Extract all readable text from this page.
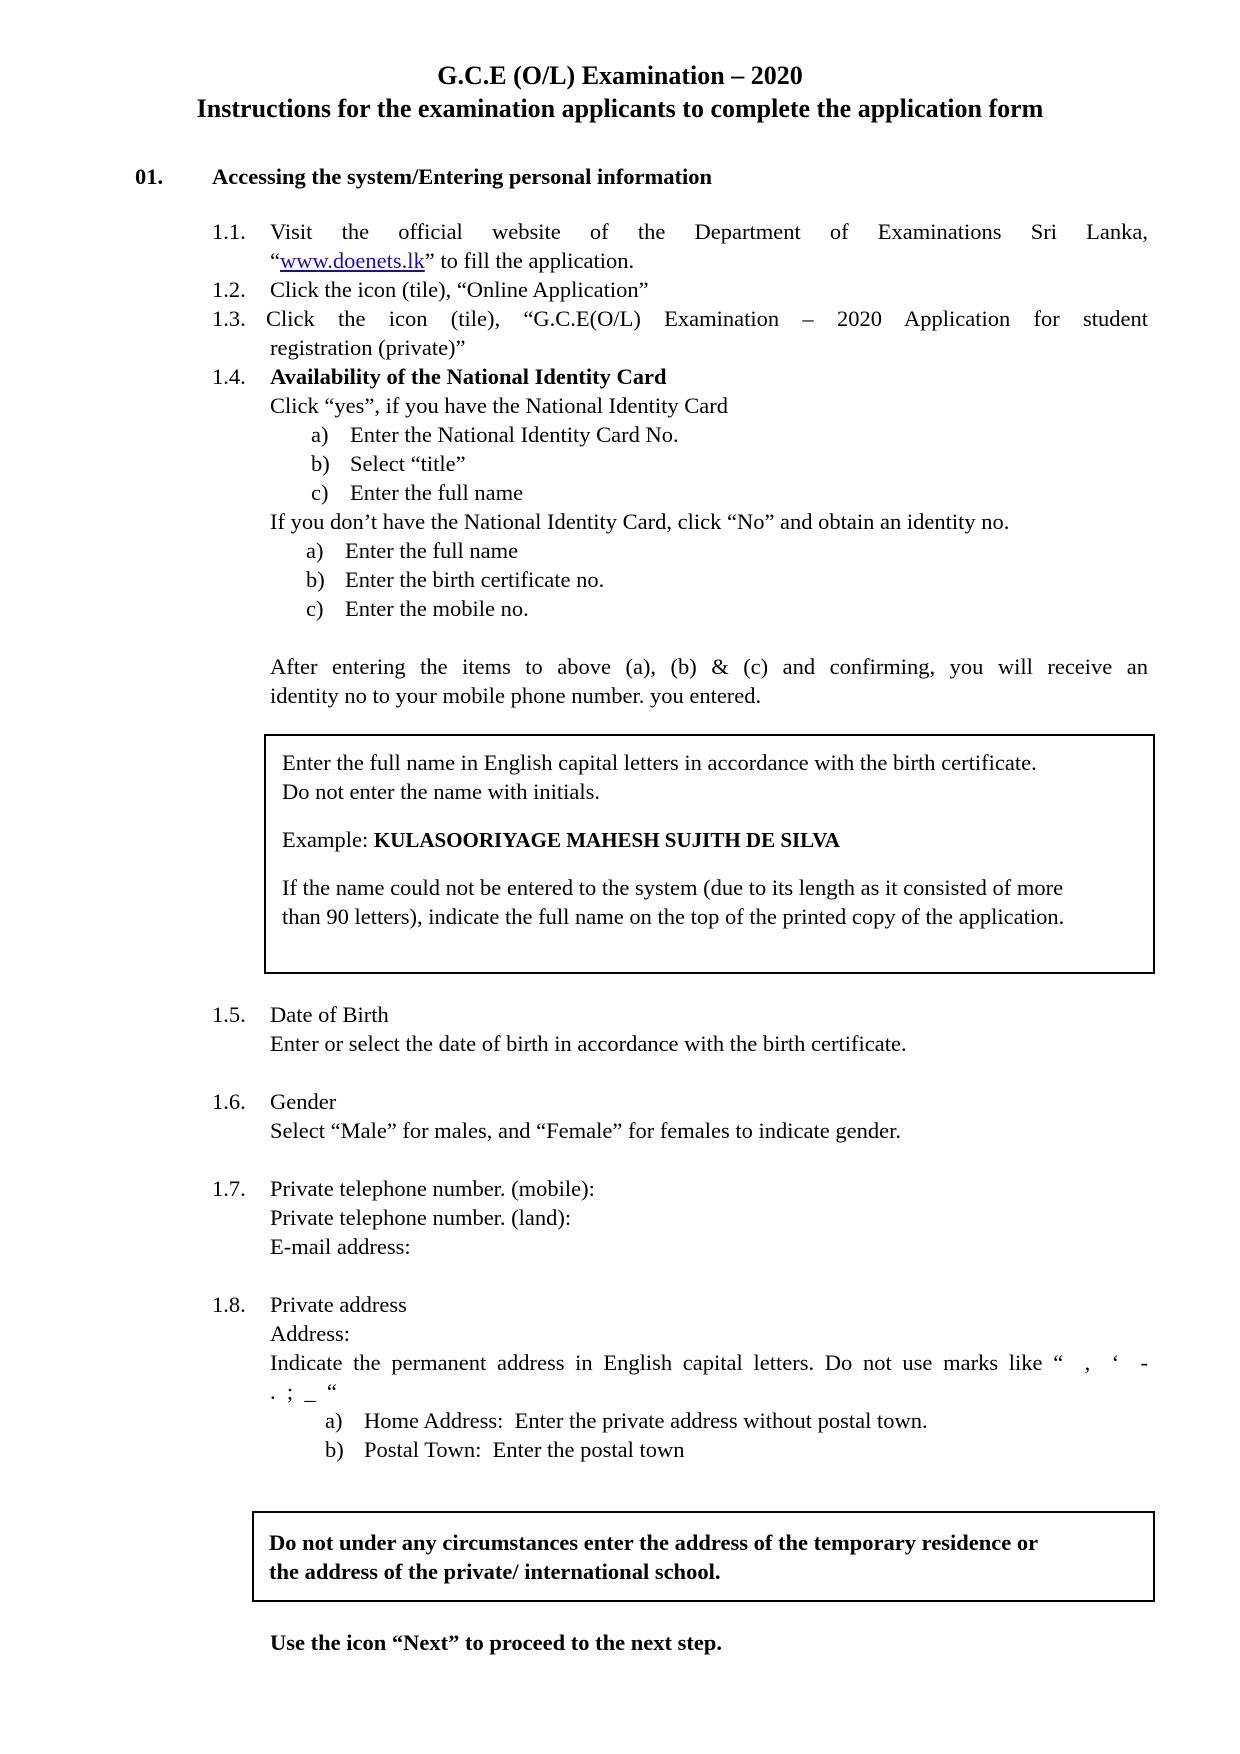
G.C.E (O/L) Examination – 2020
Instructions for the examination applicants to complete the application form
01. Accessing the system/Entering personal information
1.1. Visit the official website of the Department of Examinations Sri Lanka,
“www.doenets.lk” to fill the application.
1.2. Click the icon (tile), “Online Application”
1.3. Click the icon (tile), “G.C.E(O/L) Examination – 2020 Application for student
registration (private)”
1.4. Availability of the National Identity Card
Click “yes”, if you have the National Identity Card
a) Enter the National Identity Card No.
b) Select “title”
c) Enter the full name
If you don’t have the National Identity Card, click “No” and obtain an identity no.
a) Enter the full name
b) Enter the birth certificate no.
c) Enter the mobile no.
After entering the items to above (a), (b) & (c) and confirming, you will receive an
identity no to your mobile phone number. you entered.
Enter the full name in English capital letters in accordance with the birth certificate.
Do not enter the name with initials.
Example: KULASOORIYAGE MAHESH SUJITH DE SILVA
If the name could not be entered to the system (due to its length as it consisted of more
than 90 letters), indicate the full name on the top of the printed copy of the application.
1.5. Date of Birth
Enter or select the date of birth in accordance with the birth certificate.
1.6. Gender
Select “Male” for males, and “Female” for females to indicate gender.
1.7. Private telephone number. (mobile):
Private telephone number. (land):
E-mail address:
1.8. Private address
Address:
Indicate the permanent address in English capital letters. Do not use marks like “  ,  ‘  -
.  ;  _  “
a) Home Address:  Enter the private address without postal town.
b) Postal Town:  Enter the postal town
Do not under any circumstances enter the address of the temporary residence or
the address of the private/ international school.
Use the icon “Next” to proceed to the next step.
